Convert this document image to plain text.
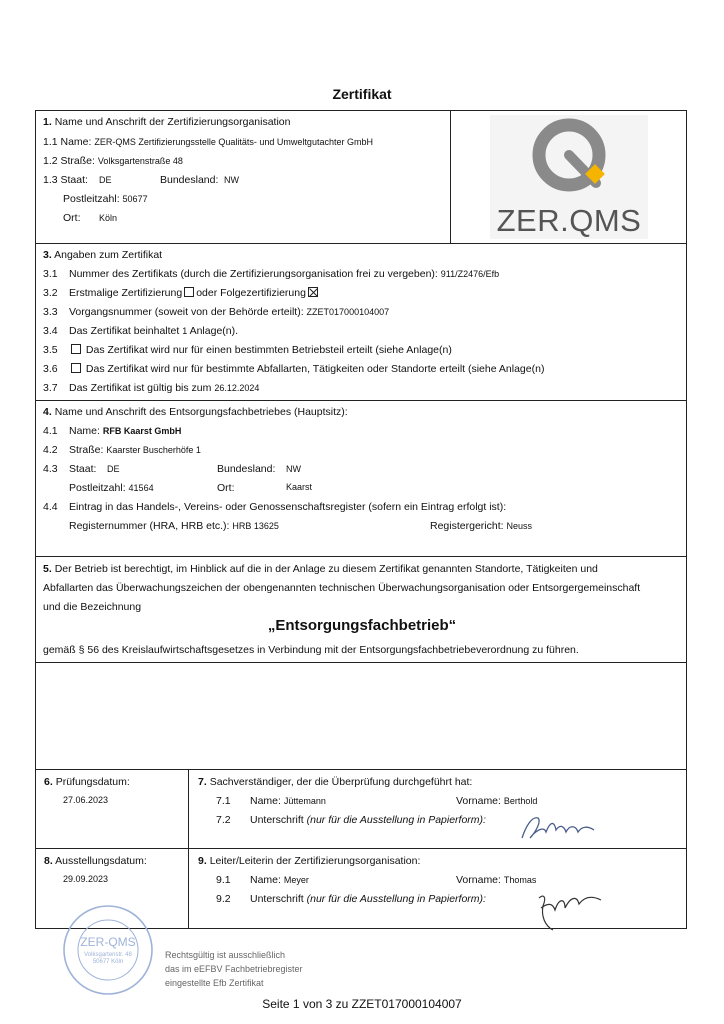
Zertifikat
1. Name und Anschrift der Zertifizierungsorganisation
1.1 Name: ZER-QMS Zertifizierungsstelle Qualitäts- und Umweltgutachter GmbH
1.2 Straße: Volksgartenstraße 48
1.3 Staat: DE	Bundesland: NW
Postleitzahl: 50677
Ort: Köln	ZER.QMS
3. Angaben zum Zertifikat
3.1 Nummer des Zertifikats (durch die Zertifizierungsorganisation frei zu vergeben): 911/Z2476/Efb
3.2 Erstmalige Zertifizierung oder Folgezertifizierung
3.3 Vorgangsnummer (soweit von der Behörde erteilt): ZZET017000104007
3.4 Das Zertifikat beinhaltet 1 Anlage(n).
3.5	Das Zertifikat wird nur für einen bestimmten Betriebsteil erteilt (siehe Anlage(n)
3.6	Das Zertifikat wird nur für bestimmte Abfallarten, Tätigkeiten oder Standorte erteilt (siehe Anlage(n)
3.7 Das Zertifikat ist gültig bis zum 26.12.2024
4. Name und Anschrift des Entsorgungsfachbetriebes (Hauptsitz):
4.1 Name: RFB Kaarst GmbH
4.2 Straße: Kaarster Buscherhöfe 1
4.3 Staat: DE	Bundesland: NW
Postleitzahl: 41564	Ort:	Kaarst
4.4 Eintrag in das Handels-, Vereins- oder Genossenschaftsregister (sofern ein Eintrag erfolgt ist):
Registernummer (HRA, HRB etc.): HRB 13625	Registergericht: Neuss
5. Der Betrieb ist berechtigt, im Hinblick auf die in der Anlage zu diesem Zertifikat genannten Standorte, Tätigkeiten und
Abfallarten das Überwachungszeichen der obengenannten technischen Überwachungsorganisation oder Entsorgergemeinschaft
und die Bezeichnung
„Entsorgungsfachbetrieb“
gemäß § 56 des Kreislaufwirtschaftsgesetzes in Verbindung mit der Entsorgungsfachbetriebeverordnung zu führen.
6. Prüfungsdatum:
27.06.2023
7. Sachverständiger, der die Überprüfung durchgeführt hat:
7.1 Name: Jüttemann	Vorname: Berthold
7.2 Unterschrift (nur für die Ausstellung in Papierform):
8. Ausstellungsdatum:
29.09.2023
9. Leiter/Leiterin der Zertifizierungsorganisation:
9.1 Name: Meyer	Vorname: Thomas
9.2 Unterschrift (nur für die Ausstellung in Papierform):
ZER-QMS
Volksgartenstr. 48
50677 Köln
Rechtsgültig ist ausschließlich
das im eEFBV Fachbetriebregister
eingestellte Efb Zertifikat
Seite 1 von 3 zu ZZET017000104007
